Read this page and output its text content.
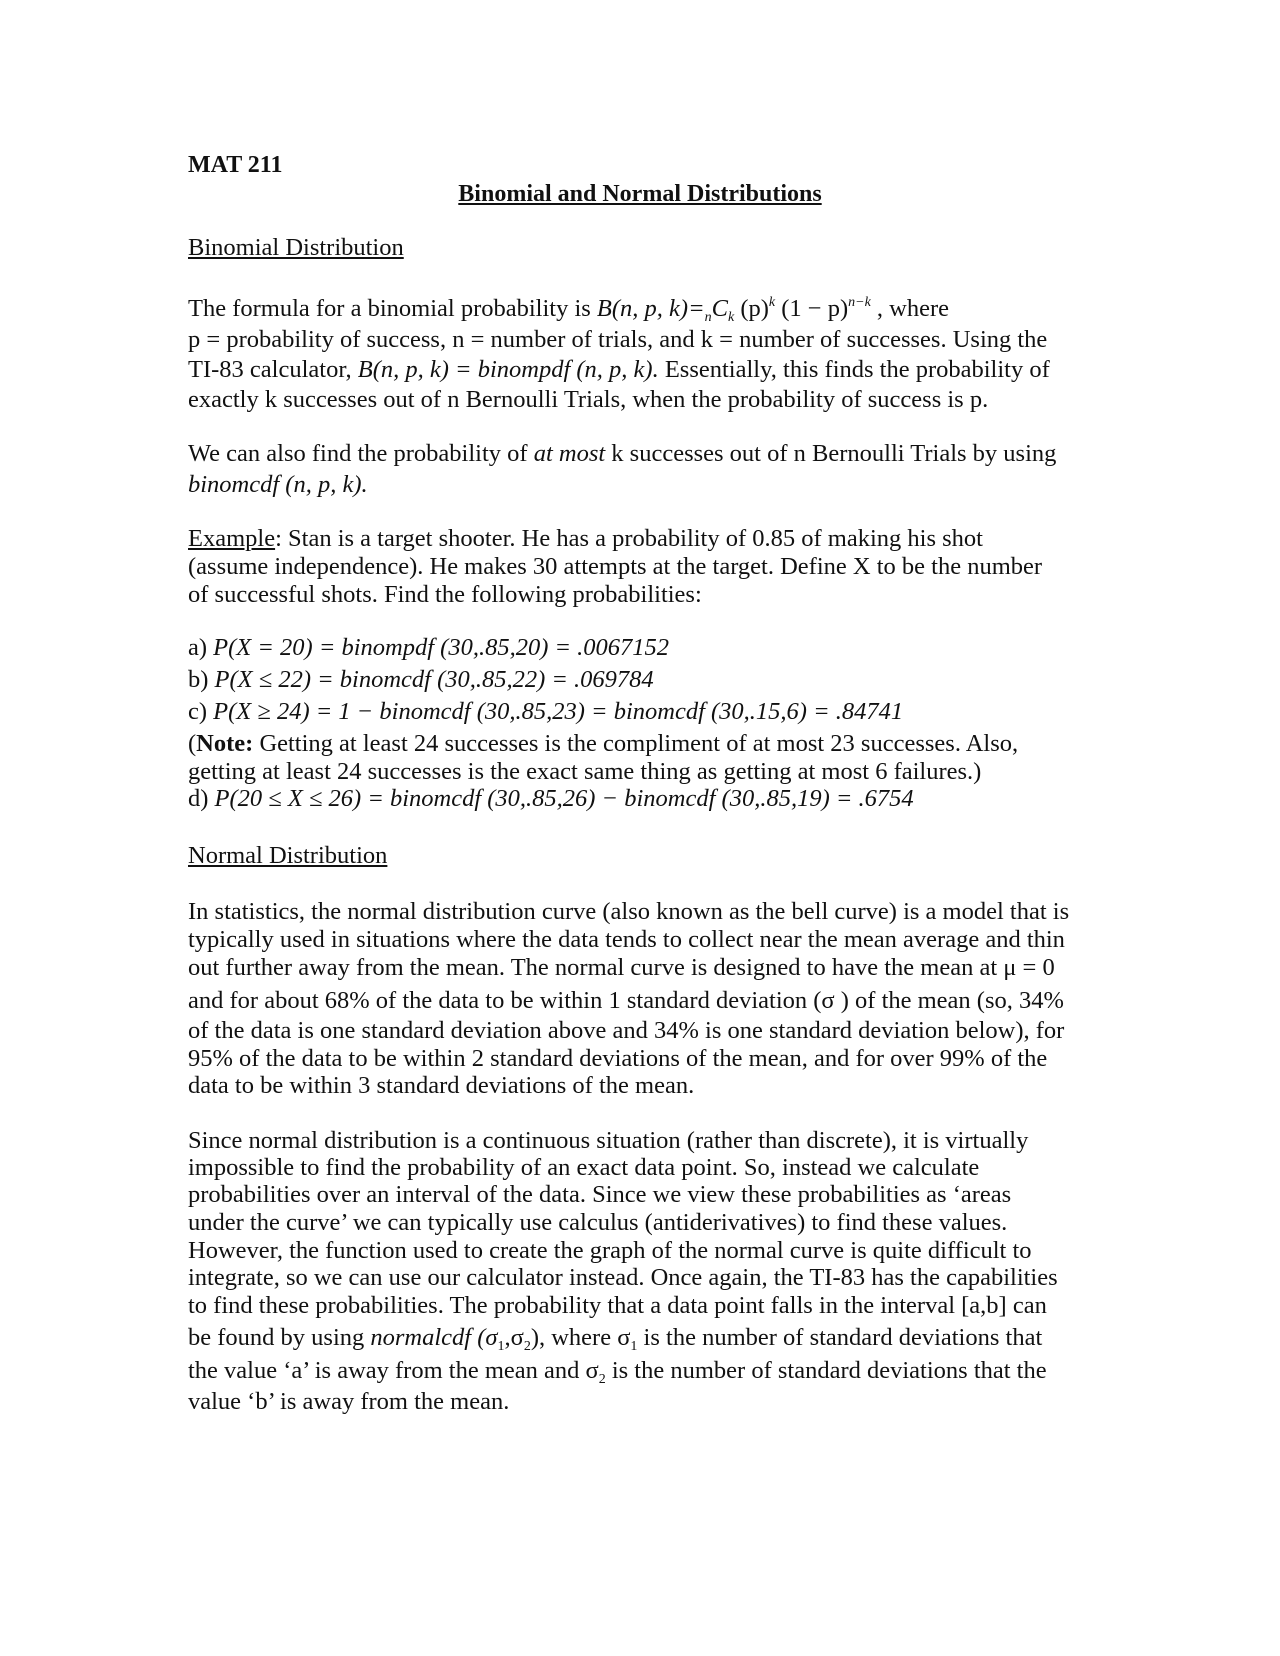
MAT 211
Binomial and Normal Distributions
Binomial Distribution
The formula for a binomial probability is B(n, p, $k)=_nC_k$ $(p)^k$ $(1 - p)^{n-k}$ , where
p = probability of success, n = number of trials, and k = number of successes. Using the
TI-83 calculator, B(n, p, k) = binompdf (n, p, k). Essentially, this finds the probability of
exactly k successes out of n Bernoulli Trials, when the probability of success is p.
We can also find the probability of at most k successes out of n Bernoulli Trials by using
binomcdf (n, p, k).
Example: Stan is a target shooter. He has a probability of 0.85 of making his shot
(assume independence). He makes 30 attempts at the target. Define X to be the number
of successful shots. Find the following probabilities:
a) P(X = 20) = binompdf (30,.85,20) = .0067152
b) P(X ≤ 22) = binomcdf (30,.85,22) = .069784
c) P(X ≥ 24) = 1 − binomcdf (30,.85,23) = binomcdf (30,.15,6) = .84741
(Note: Getting at least 24 successes is the compliment of at most 23 successes. Also,
getting at least 24 successes is the exact same thing as getting at most 6 failures.)
d) P(20 ≤ X ≤ 26) = binomcdf (30,.85,26) − binomcdf (30,.85,19) = .6754
Normal Distribution
In statistics, the normal distribution curve (also known as the bell curve) is a model that is
typically used in situations where the data tends to collect near the mean average and thin
out further away from the mean. The normal curve is designed to have the mean at μ = 0
and for about 68% of the data to be within 1 standard deviation (σ ) of the mean (so, 34%
of the data is one standard deviation above and 34% is one standard deviation below), for
95% of the data to be within 2 standard deviations of the mean, and for over 99% of the
data to be within 3 standard deviations of the mean.
Since normal distribution is a continuous situation (rather than discrete), it is virtually
impossible to find the probability of an exact data point. So, instead we calculate
probabilities over an interval of the data. Since we view these probabilities as ‘areas
under the curve’ we can typically use calculus (antiderivatives) to find these values.
However, the function used to create the graph of the normal curve is quite difficult to
integrate, so we can use our calculator instead. Once again, the TI-83 has the capabilities
to find these probabilities. The probability that a data point falls in the interval [a,b] can
be found by using normalcdf $(\sigma_1,\sigma_2)$, where $\sigma_1$ is the number of standard deviations that
the value ‘a’ is away from the mean and $\sigma_2$ is the number of standard deviations that the
value ‘b’ is away from the mean.
